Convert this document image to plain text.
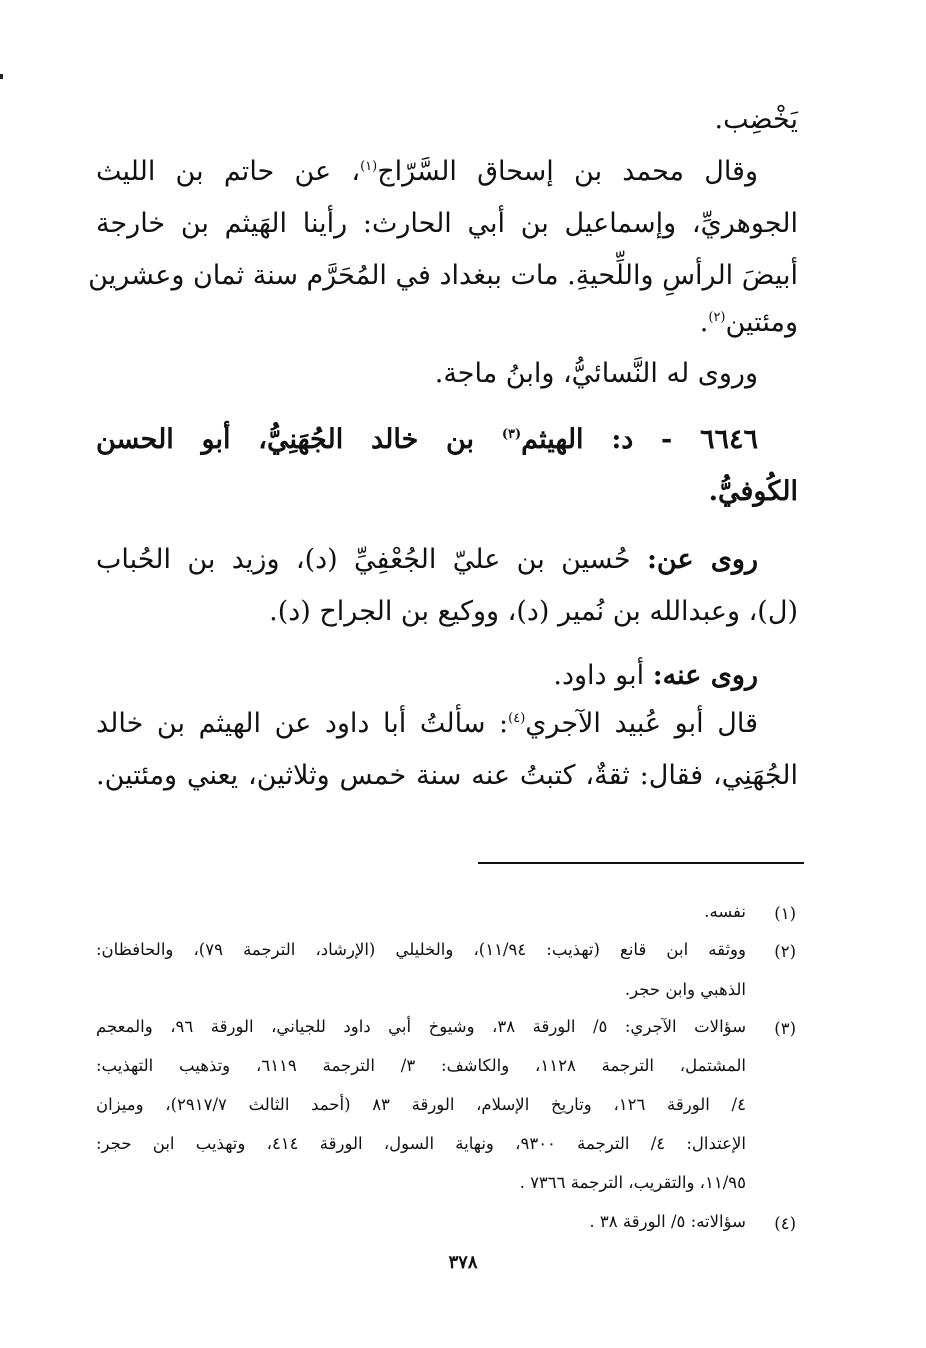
يَخْضِب.

وقال محمد بن إسحاق السَّرّاج$^{(١)}$، عن حاتم بن الليث

الجوهريِّ، وإسماعيل بن أبي الحارث: رأينا الهَيثم بن خارجة

أبيضَ الرأسِ واللِّحيةِ. مات ببغداد في المُحَرَّم سنة ثمان وعشرين

ومئتين$^{(٢)}$.

وروى له النَّسائيُّ، وابنُ ماجة.

٦٦٤٦ - د: الهيثم$^{(٣)}$ بن خالد الجُهَنِيُّ، أبو الحسن

الكُوفيُّ.

روى عن: حُسين بن عليّ الجُعْفِيِّ (د)، وزيد بن الحُباب

(ل)، وعبدالله بن نُمير (د)، ووكيع بن الجراح (د).

روى عنه: أبو داود.

قال أبو عُبيد الآجري$^{(٤)}$: سألتُ أبا داود عن الهيثم بن خالد

الجُهَنِي، فقال: ثقةٌ، كتبتُ عنه سنة خمس وثلاثين، يعني ومئتين.

(١)

نفسه.

(٢)

ووثقه ابن قانع (تهذيب: ١١/٩٤)، والخليلي (الإرشاد، الترجمة ٧٩)، والحافظان:

الذهبي وابن حجر.

(٣)

سؤالات الآجري: ٥/ الورقة ٣٨، وشيوخ أبي داود للجياني، الورقة ٩٦، والمعجم

المشتمل، الترجمة ١١٢٨، والكاشف: ٣/ الترجمة ٦١١٩، وتذهيب التهذيب:

٤/ الورقة ١٢٦، وتاريخ الإسلام، الورقة ٨٣ (أحمد الثالث ٢٩١٧/٧)، وميزان

الإعتدال: ٤/ الترجمة ٩٣٠٠، ونهاية السول، الورقة ٤١٤، وتهذيب ابن حجر:

١١/٩٥، والتقريب، الترجمة ٧٣٦٦ .

(٤)

سؤالاته: ٥/ الورقة ٣٨ .

٣٧٨
